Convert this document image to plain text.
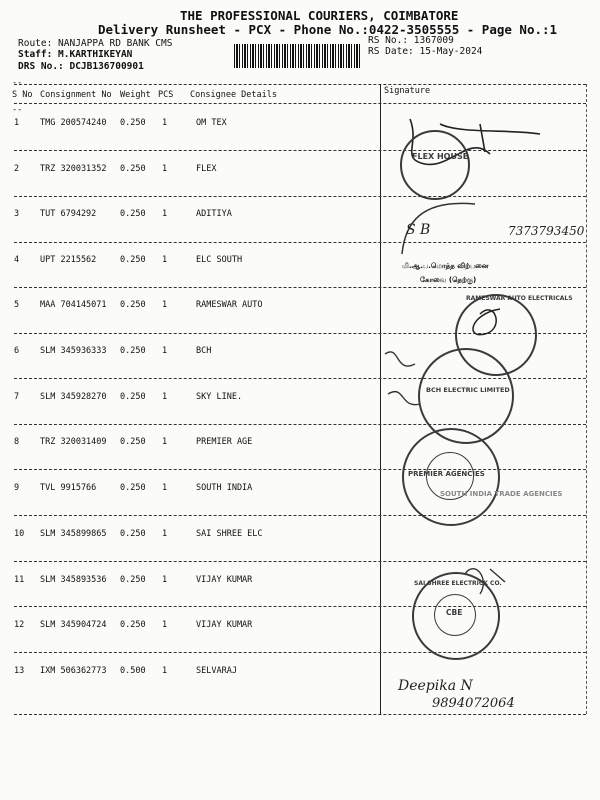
THE PROFESSIONAL COURIERS, COIMBATORE
Delivery Runsheet - PCX - Phone No.:0422-3505555 - Page No.:1
Route: NANJAPPA RD BANK CMS
Staff: M.KARTHIKEYAN
DRS No.: DCJB136700901
RS No.: 1367009
RS Date: 15-May-2024
--
S No Consignment No Weight PCS Consignee Details	Signature
--
1 TMG 200574240 0.250 1	OM TEX
2 TRZ 320031352 0.250 1	FLEX
3 TUT 6794292	0.250 1	ADITIYA
4 UPT 2215562	0.250 1	ELC SOUTH
5 MAA 704145071 0.250 1	RAMESWAR AUTO
6 SLM 345936333 0.250 1	BCH
7 SLM 345928270 0.250 1	SKY LINE.
8 TRZ 320031409 0.250 1	PREMIER AGE
9 TVL 9915766	0.250 1	SOUTH INDIA
10 SLM 345899865 0.250 1	SAI SHREE ELC
11 SLM 345893536 0.250 1	VIJAY KUMAR
12 SLM 345904724 0.250 1	VIJAY KUMAR
13 IXM 506362773 0.500 1	SELVARAJ
FLEX HOUSE
S B	7373793450
மி.ஆ.ப.மொத்த விற்பனை
கோவை (தெற்கு)
RAMESWAR AUTO ELECTRICALS
BCH ELECTRIC LIMITED
PREMIER AGENCIES
SOUTH INDIA TRADE AGENCIES
CBE
SAI SHREE ELECTRICK CO.
Deepika N
9894072064
